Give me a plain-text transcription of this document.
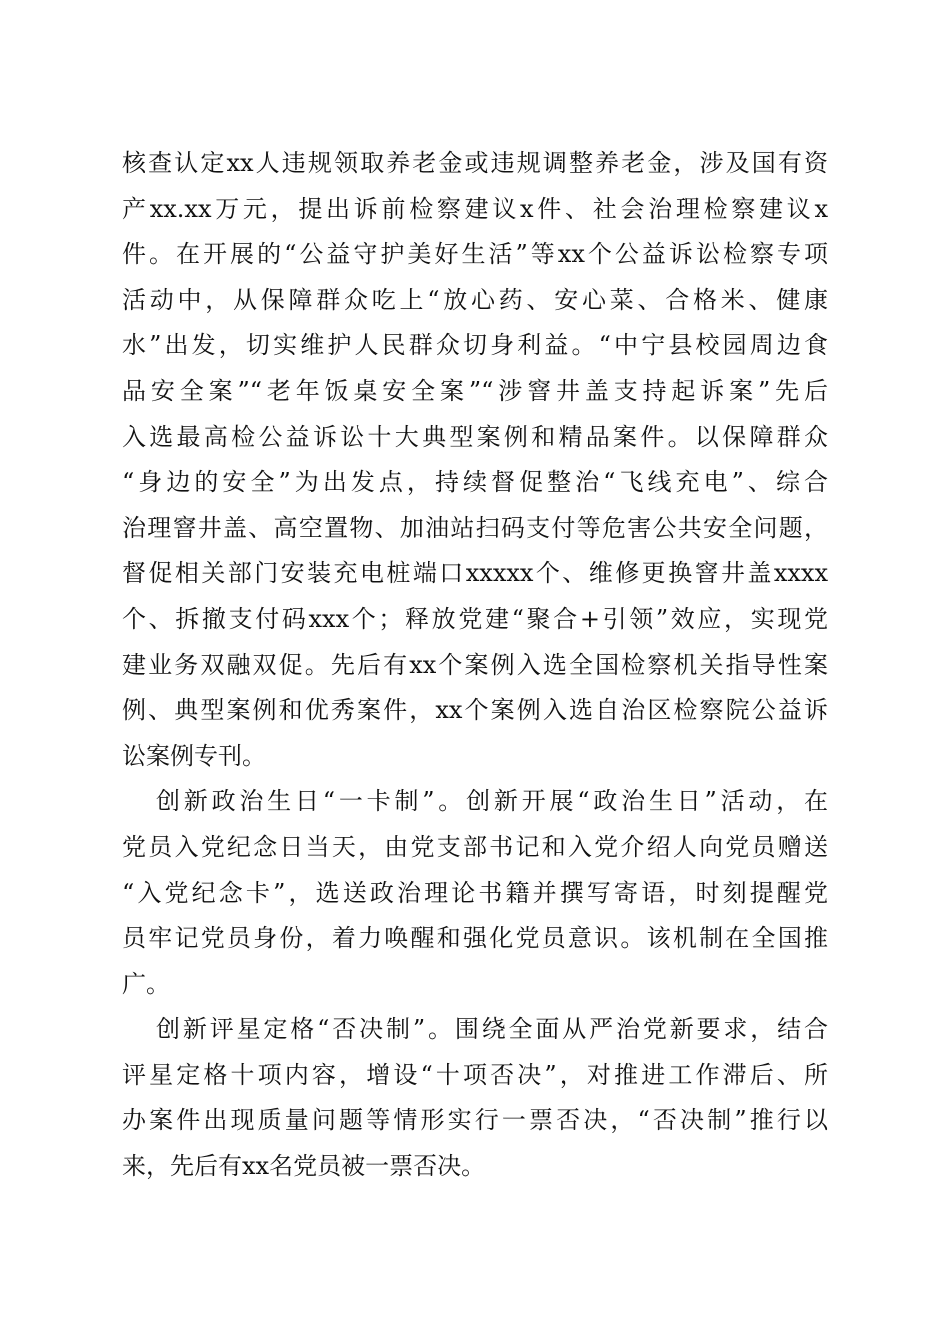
核查认定xx人违规领取养老金或违规调整养老金，涉及国有资
产xx.xx万元，提出诉前检察建议x件、社会治理检察建议x
件。在开展的“公益守护美好生活”等xx个公益诉讼检察专项
活动中，从保障群众吃上“放心药、安心菜、合格米、健康
水”出发，切实维护人民群众切身利益。“中宁县校园周边食
品安全案”“老年饭桌安全案”“涉窨井盖支持起诉案”先后
入选最高检公益诉讼十大典型案例和精品案件。以保障群众
“身边的安全”为出发点，持续督促整治“飞线充电”、综合
治理窨井盖、高空置物、加油站扫码支付等危害公共安全问题，
督促相关部门安装充电桩端口xxxxx个、维修更换窨井盖xxxx
个、拆撤支付码xxx个；释放党建“聚合+引领”效应，实现党
建业务双融双促。先后有xx个案例入选全国检察机关指导性案
例、典型案例和优秀案件，xx个案例入选自治区检察院公益诉
讼案例专刊。
创新政治生日“一卡制”。创新开展“政治生日”活动，在
党员入党纪念日当天，由党支部书记和入党介绍人向党员赠送
“入党纪念卡”，选送政治理论书籍并撰写寄语，时刻提醒党
员牢记党员身份，着力唤醒和强化党员意识。该机制在全国推
广。
创新评星定格“否决制”。围绕全面从严治党新要求，结合
评星定格十项内容，增设“十项否决”，对推进工作滞后、所
办案件出现质量问题等情形实行一票否决，“否决制”推行以
来，先后有xx名党员被一票否决。
